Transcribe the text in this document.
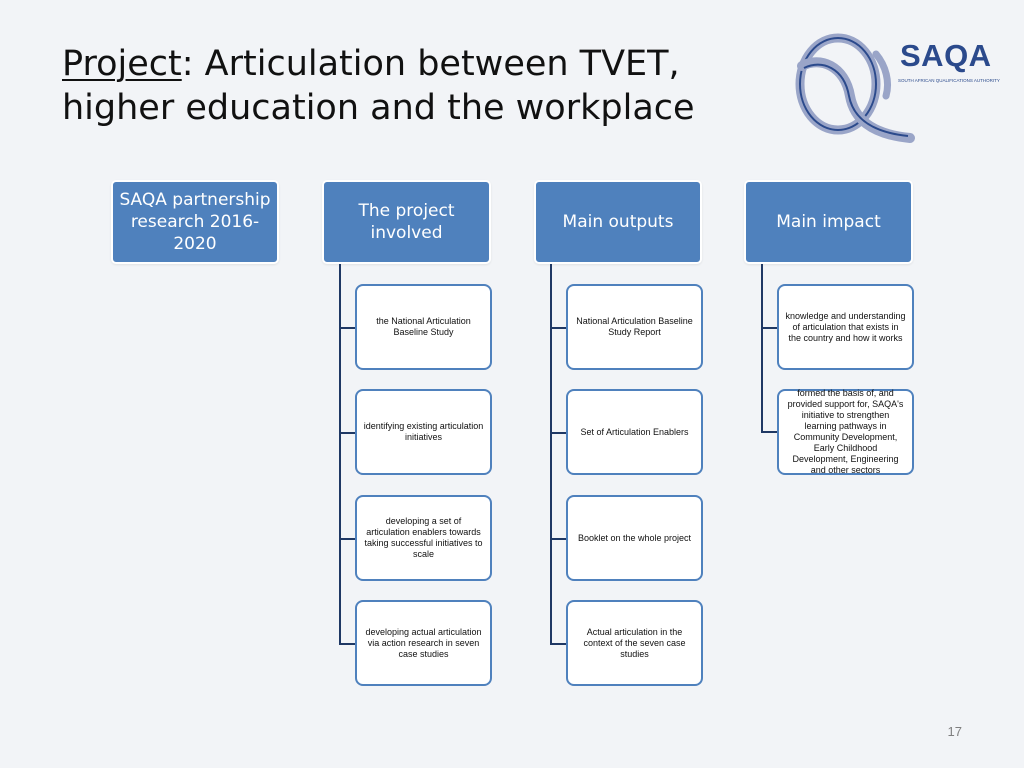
Project: Articulation between TVET, higher education and the workplace
SAQA
SOUTH AFRICAN QUALIFICATIONS AUTHORITY
SAQA partnership research 2016-2020
The project involved
Main outputs	Main impact
the National Articulation Baseline Study
identifying existing articulation initiatives
developing a set of articulation enablers towards taking successful initiatives to scale
developing actual articulation via action research in seven case studies
National Articulation Baseline Study Report
Set of Articulation Enablers
Booklet on the whole project
Actual articulation in the context of the seven case studies
knowledge and understanding of articulation that exists in the country and how it works
formed the basis of, and provided support for, SAQA's initiative to strengthen learning pathways in Community Development, Early Childhood Development, Engineering and other sectors
17
